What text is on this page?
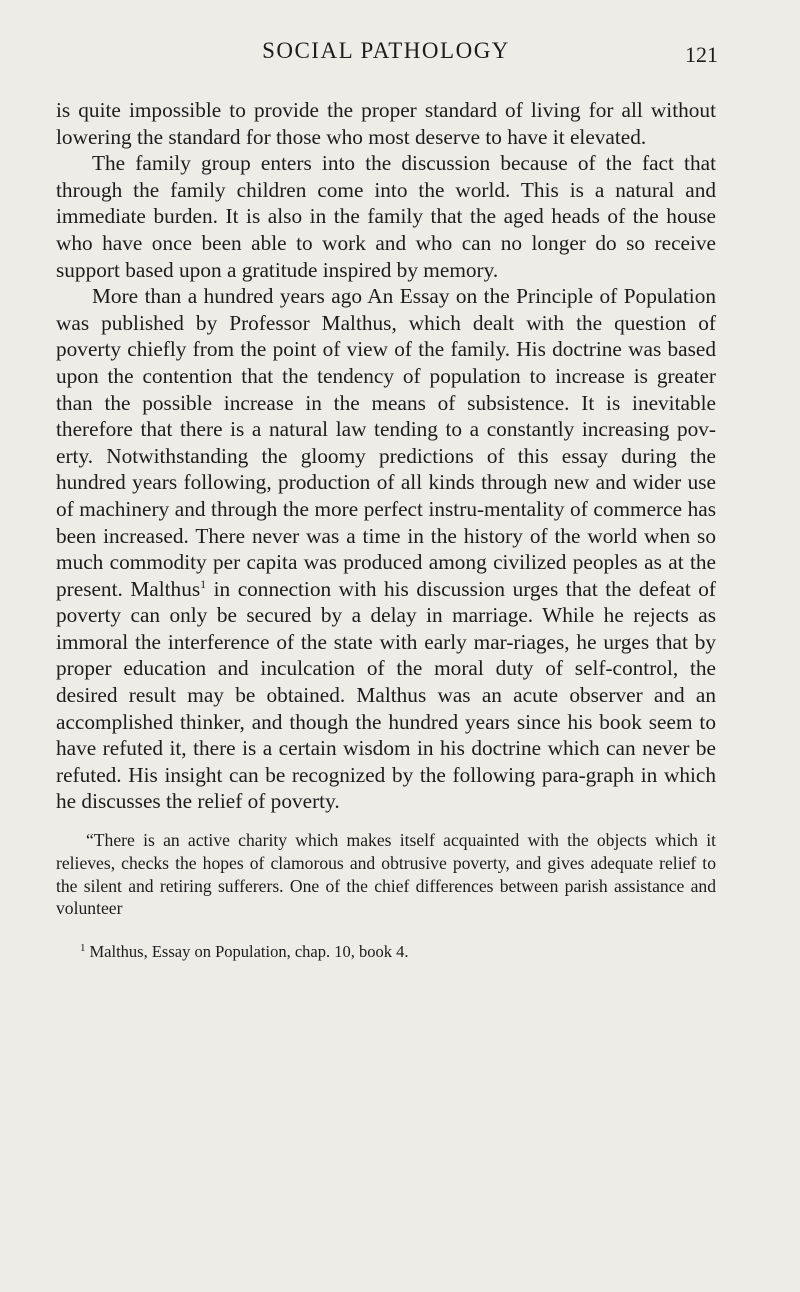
SOCIAL PATHOLOGY	121

is quite impossible to provide the proper standard of living for all without lowering the standard for those who most deserve to have it elevated.

The family group enters into the discussion because of the fact that through the family children come into the world. This is a natural and immediate burden. It is also in the family that the aged heads of the house who have once been able to work and who can no longer do so receive support based upon a gratitude inspired by memory.

More than a hundred years ago An Essay on the Principle of Population was published by Professor Malthus, which dealt with the question of poverty chiefly from the point of view of the family. His doctrine was based upon the contention that the tendency of population to increase is greater than the possible increase in the means of subsistence. It is inevitable therefore that there is a natural law tending to a constantly increasing pov-erty. Notwithstanding the gloomy predictions of this essay during the hundred years following, production of all kinds through new and wider use of machinery and through the more perfect instru-mentality of commerce has been increased. There never was a time in the history of the world when so much commodity per capita was produced among civilized peoples as at the present. Malthus$^1$ in connection with his discussion urges that the defeat of poverty can only be secured by a delay in marriage. While he rejects as immoral the interference of the state with early mar-riages, he urges that by proper education and inculcation of the moral duty of self-control, the desired result may be obtained. Malthus was an acute observer and an accomplished thinker, and though the hundred years since his book seem to have refuted it, there is a certain wisdom in his doctrine which can never be refuted. His insight can be recognized by the following para-graph in which he discusses the relief of poverty.

“There is an active charity which makes itself acquainted with the objects which it relieves, checks the hopes of clamorous and obtrusive poverty, and gives adequate relief to the silent and retiring sufferers. One of the chief differences between parish assistance and volunteer

$^1$ Malthus, Essay on Population, chap. 10, book 4.
